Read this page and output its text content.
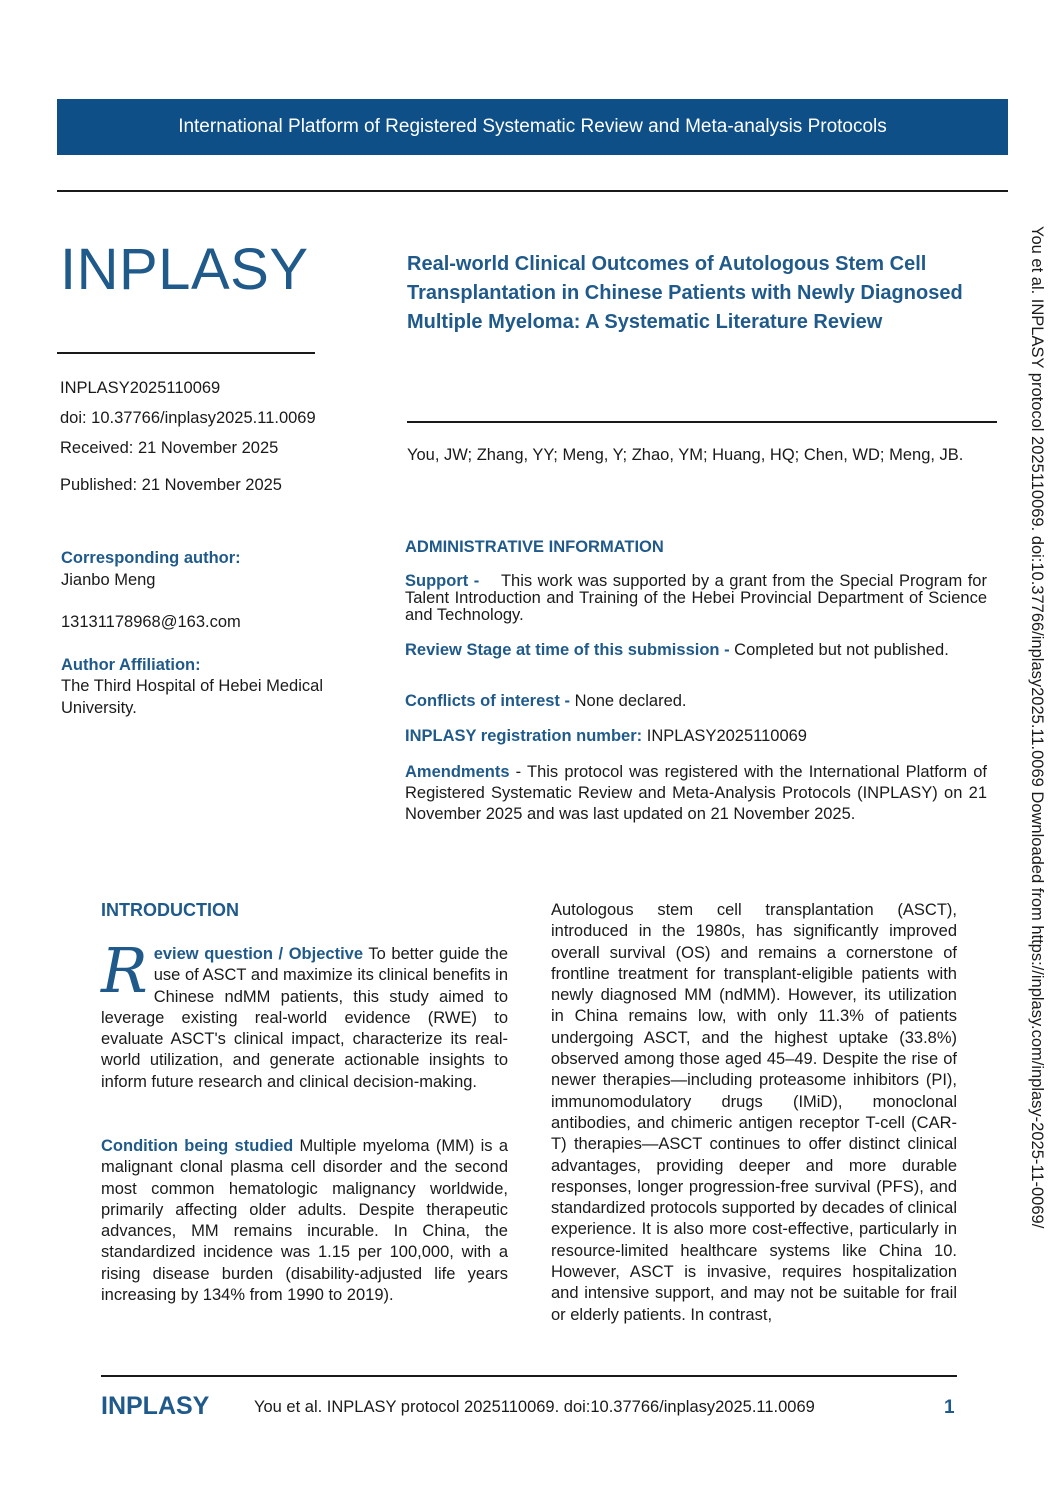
International Platform of Registered Systematic Review and Meta-analysis Protocols
INPLASY
INPLASY2025110069
doi: 10.37766/inplasy2025.11.0069
Received: 21 November 2025
Published: 21 November 2025
Real-world Clinical Outcomes of Autologous Stem Cell Transplantation in Chinese Patients with Newly Diagnosed Multiple Myeloma: A Systematic Literature Review
You, JW; Zhang, YY; Meng, Y; Zhao, YM; Huang, HQ; Chen, WD; Meng, JB.
Corresponding author:
Jianbo Meng
13131178968@163.com
Author Affiliation:
The Third Hospital of Hebei Medical University.
ADMINISTRATIVE INFORMATION
Support - This work was supported by a grant from the Special Program for Talent Introduction and Training of the Hebei Provincial Department of Science and Technology.
Review Stage at time of this submission - Completed but not published.
Conflicts of interest - None declared.
INPLASY registration number: INPLASY2025110069
Amendments - This protocol was registered with the International Platform of Registered Systematic Review and Meta-Analysis Protocols (INPLASY) on 21 November 2025 and was last updated on 21 November 2025.
INTRODUCTION
R eview question / Objective To better guide the use of ASCT and maximize its clinical benefits in Chinese ndMM patients, this study aimed to leverage existing real-world evidence (RWE) to evaluate ASCT's clinical impact, characterize its real-world utilization, and generate actionable insights to inform future research and clinical decision-making.
Condition being studied Multiple myeloma (MM) is a malignant clonal plasma cell disorder and the second most common hematologic malignancy worldwide, primarily affecting older adults. Despite therapeutic advances, MM remains incurable. In China, the standardized incidence was 1.15 per 100,000, with a rising disease burden (disability-adjusted life years increasing by 134% from 1990 to 2019).
Autologous stem cell transplantation (ASCT), introduced in the 1980s, has significantly improved overall survival (OS) and remains a cornerstone of frontline treatment for transplant-eligible patients with newly diagnosed MM (ndMM). However, its utilization in China remains low, with only 11.3% of patients undergoing ASCT, and the highest uptake (33.8%) observed among those aged 45–49. Despite the rise of newer therapies—including proteasome inhibitors (PI), immunomodulatory drugs (IMiD), monoclonal antibodies, and chimeric antigen receptor T-cell (CAR-T) therapies—ASCT continues to offer distinct clinical advantages, providing deeper and more durable responses, longer progression-free survival (PFS), and standardized protocols supported by decades of clinical experience. It is also more cost-effective, particularly in resource-limited healthcare systems like China 10. However, ASCT is invasive, requires hospitalization and intensive support, and may not be suitable for frail or elderly patients. In contrast,
INPLASY	You et al. INPLASY protocol 2025110069. doi:10.37766/inplasy2025.11.0069	1
You et al. INPLASY protocol 2025110069. doi:10.37766/inplasy2025.11.0069 Downloaded from https://inplasy.com/inplasy-2025-11-0069/
